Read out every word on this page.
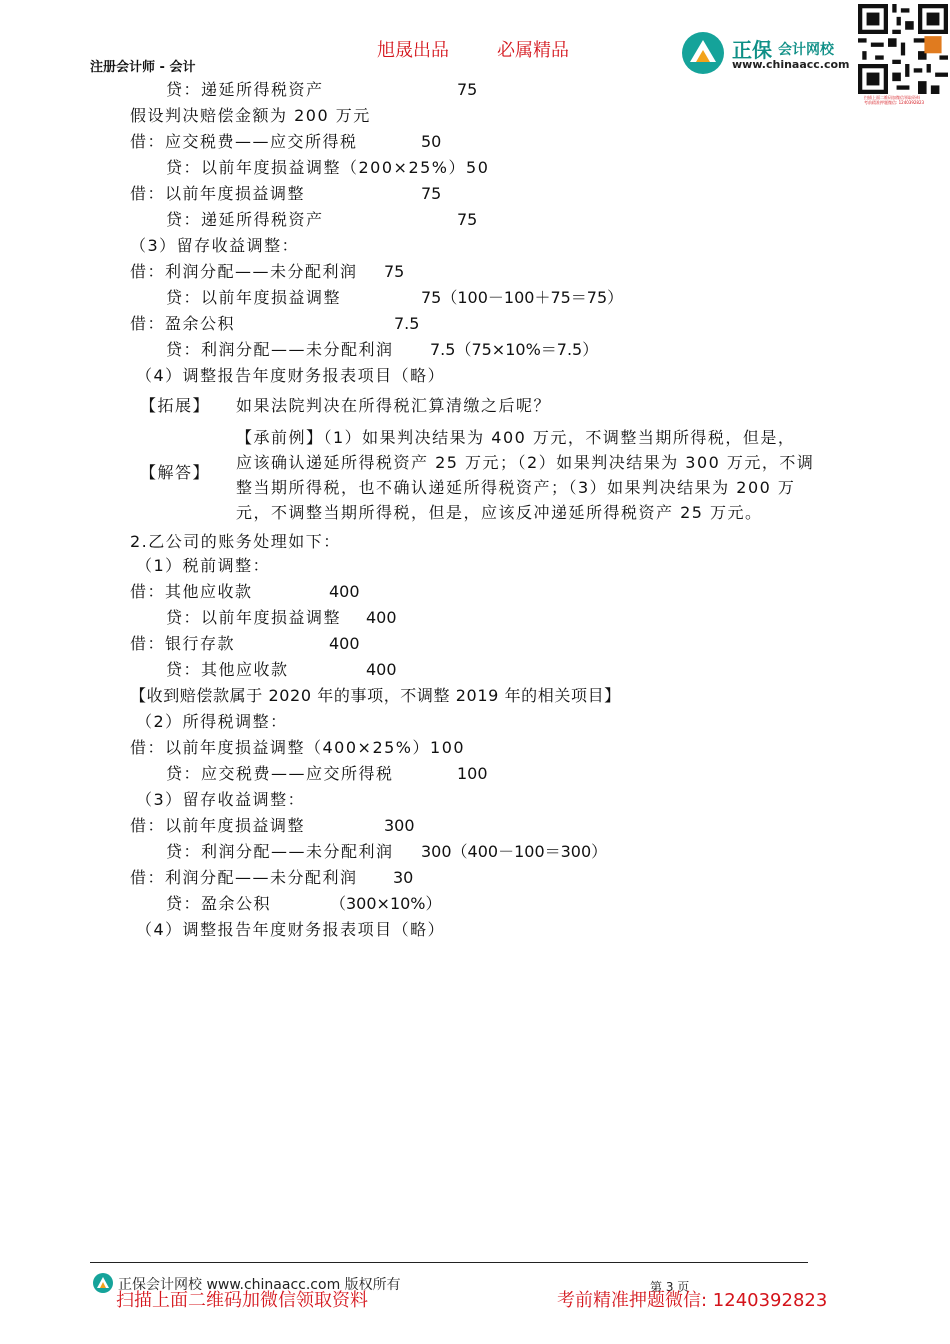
旭晟出品	必属精品
注册会计师 - 会计
正保 会计网校
www.chinaacc.com
扫描上面二维码加微信领取资料
考前精准押题微信: 1240392823
贷：递延所得税资产	75
假设判决赔偿金额为 200 万元
借：应交税费——应交所得税	50
贷：以前年度损益调整（200×25%）50
借：以前年度损益调整	75
贷：递延所得税资产	75
（3）留存收益调整：
借：利润分配——未分配利润 75
贷：以前年度损益调整	75（100－100＋75＝75）
借：盈余公积	7.5
贷：利润分配——未分配利润 7.5（75×10%＝7.5）
（4）调整报告年度财务报表项目（略）
【拓展】 如果法院判决在所得税汇算清缴之后呢？
【解答】
【承前例】（1）如果判决结果为 400 万元，不调整当期所得税，但是，
应该确认递延所得税资产 25 万元；（2）如果判决结果为 300 万元，不调
整当期所得税，也不确认递延所得税资产；（3）如果判决结果为 200 万
元，不调整当期所得税，但是，应该反冲递延所得税资产 25 万元。
2.乙公司的账务处理如下：
（1）税前调整：
借：其他应收款	400
贷：以前年度损益调整 400
借：银行存款	400
贷：其他应收款	400
【收到赔偿款属于 2020 年的事项，不调整 2019 年的相关项目】
（2）所得税调整：
借：以前年度损益调整（400×25%）100
贷：应交税费——应交所得税	100
（3）留存收益调整：
借：以前年度损益调整	300
贷：利润分配——未分配利润 300（400－100＝300）
借：利润分配——未分配利润 30
贷：盈余公积	（300×10%）
（4）调整报告年度财务报表项目（略）
正保会计网校 www.chinaacc.com 版权所有	第 3 页
扫描上面二维码加微信领取资料	考前精准押题微信: 1240392823
